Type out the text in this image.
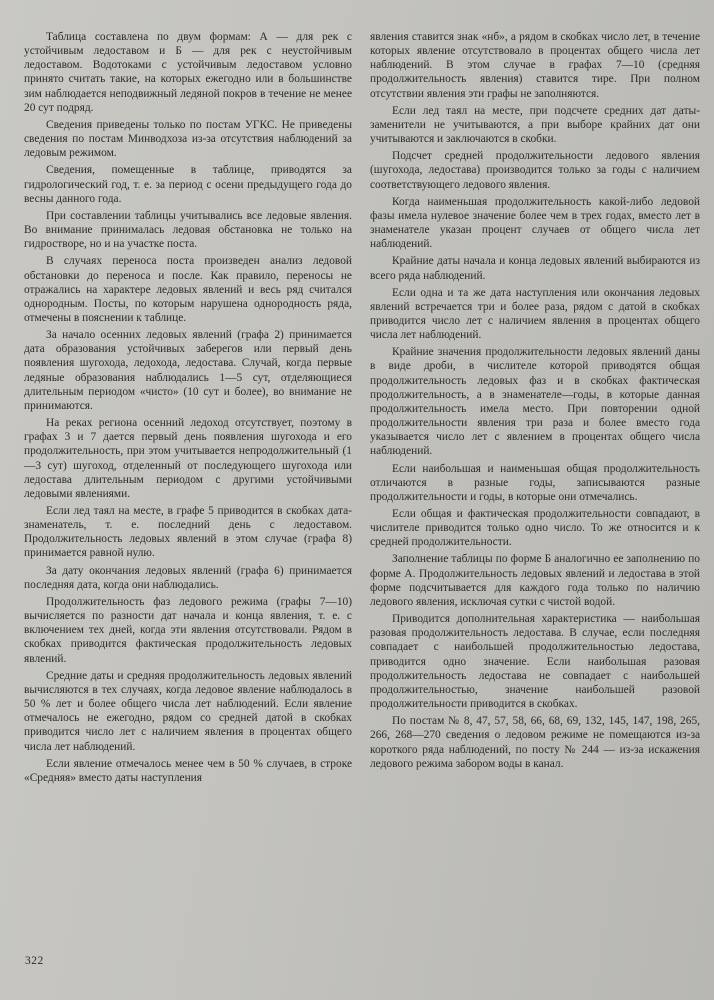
Таблица составлена по двум формам: А — для рек с устойчивым ледоставом и Б — для рек с неустойчивым ледоставом. Водотоками с устойчивым ледоставом условно принято считать такие, на которых ежегодно или в большинстве зим наблюдается неподвижный ледяной покров в течение не менее 20 сут подряд.

Сведения приведены только по постам УГКС. Не приведены сведения по постам Минводхоза из-за отсутствия наблюдений за ледовым режимом.

Сведения, помещенные в таблице, приводятся за гидрологический год, т. е. за период с осени предыдущего года до весны данного года.

При составлении таблицы учитывались все ледовые явления. Во внимание принималась ледовая обстановка не только на гидростворе, но и на участке поста.

В случаях переноса поста произведен анализ ледовой обстановки до переноса и после. Как правило, переносы не отражались на характере ледовых явлений и весь ряд считался однородным. Посты, по которым нарушена однородность ряда, отмечены в пояснении к таблице.

За начало осенних ледовых явлений (графа 2) принимается дата образования устойчивых заберегов или первый день появления шугохода, ледохода, ледостава. Случай, когда первые ледяные образования наблюдались 1—5 сут, отделяющиеся длительным периодом «чисто» (10 сут и более), во внимание не принимаются.

На реках региона осенний ледоход отсутствует, поэтому в графах 3 и 7 дается первый день появления шугохода и его продолжительность, при этом учитывается непродолжительный (1—3 сут) шугоход, отделенный от последующего шугохода или ледостава длительным периодом с другими устойчивыми ледовыми явлениями.

Если лед таял на месте, в графе 5 приводится в скобках дата-знаменатель, т. е. последний день с ледоставом. Продолжительность ледовых явлений в этом случае (графа 8) принимается равной нулю.

За дату окончания ледовых явлений (графа 6) принимается последняя дата, когда они наблюдались.

Продолжительность фаз ледового режима (графы 7—10) вычисляется по разности дат начала и конца явления, т. е. с включением тех дней, когда эти явления отсутствовали. Рядом в скобках приводится фактическая продолжительность ледовых явлений.

Средние даты и средняя продолжительность ледовых явлений вычисляются в тех случаях, когда ледовое явление наблюдалось в 50 % лет и более общего числа лет наблюдений. Если явление отмечалось не ежегодно, рядом со средней датой в скобках приводится число лет с наличием явления в процентах общего числа лет наблюдений.

Если явление отмечалось менее чем в 50 % случаев, в строке «Средняя» вместо даты наступления

явления ставится знак «нб», а рядом в скобках число лет, в течение которых явление отсутствовало в процентах общего числа лет наблюдений. В этом случае в графах 7—10 (средняя продолжительность явления) ставится тире. При полном отсутствии явления эти графы не заполняются.

Если лед таял на месте, при подсчете средних дат даты-заменители не учитываются, а при выборе крайних дат они учитываются и заключаются в скобки.

Подсчет средней продолжительности ледового явления (шугохода, ледостава) производится только за годы с наличием соответствующего ледового явления.

Когда наименьшая продолжительность какой-либо ледовой фазы имела нулевое значение более чем в трех годах, вместо лет в знаменателе указан процент случаев от общего числа лет наблюдений.

Крайние даты начала и конца ледовых явлений выбираются из всего ряда наблюдений.

Если одна и та же дата наступления или окончания ледовых явлений встречается три и более раза, рядом с датой в скобках приводится число лет с наличием явления в процентах общего числа лет наблюдений.

Крайние значения продолжительности ледовых явлений даны в виде дроби, в числителе которой приводятся общая продолжительность ледовых фаз и в скобках фактическая продолжительность, а в знаменателе—годы, в которые данная продолжительность имела место. При повторении одной продолжительности явления три раза и более вместо года указывается число лет с явлением в процентах общего числа наблюдений.

Если наибольшая и наименьшая общая продолжительность отличаются в разные годы, записываются разные продолжительности и годы, в которые они отмечались.

Если общая и фактическая продолжительности совпадают, в числителе приводится только одно число. То же относится и к средней продолжительности.

Заполнение таблицы по форме Б аналогично ее заполнению по форме А. Продолжительность ледовых явлений и ледостава в этой форме подсчитывается для каждого года только по наличию ледового явления, исключая сутки с чистой водой.

Приводится дополнительная характеристика — наибольшая разовая продолжительность ледостава. В случае, если последняя совпадает с наибольшей продолжительностью ледостава, приводится одно значение. Если наибольшая разовая продолжительность ледостава не совпадает с наибольшей продолжительностью, значение наибольшей разовой продолжительности приводится в скобках.

По постам № 8, 47, 57, 58, 66, 68, 69, 132, 145, 147, 198, 265, 266, 268—270 сведения о ледовом режиме не помещаются из-за короткого ряда наблюдений, по посту № 244 — из-за искажения ледового режима забором воды в канал.

322
